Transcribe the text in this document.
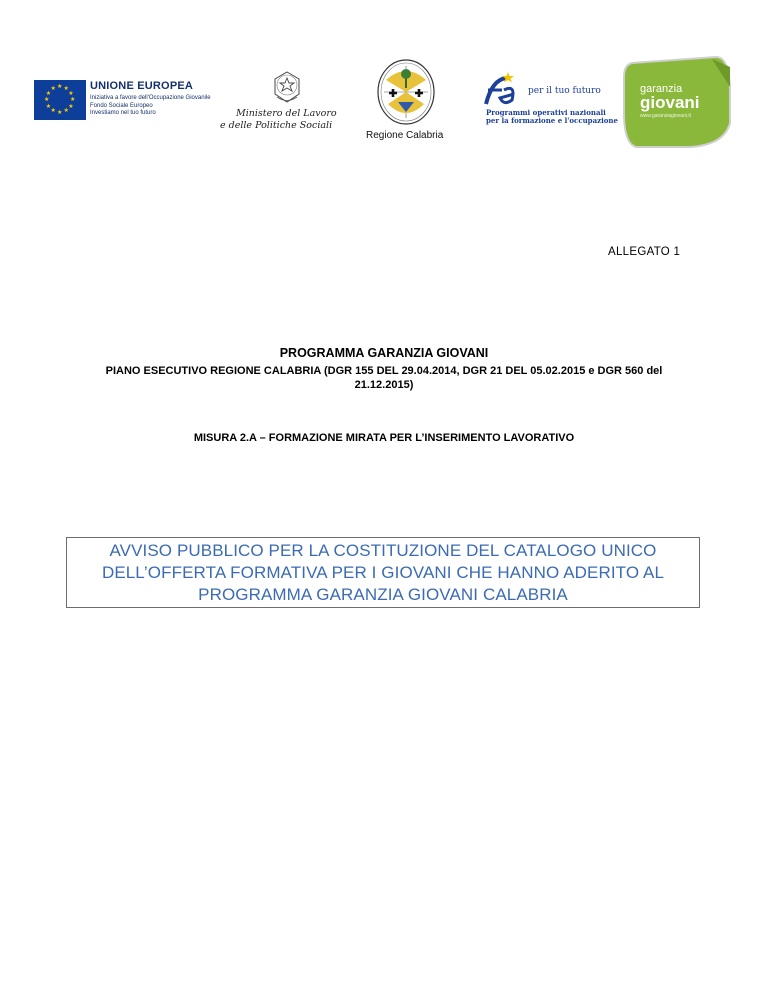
★ ★
★
★
★
★
★
★
★
★
★
★	UNIONE EUROPEA
Iniziativa a favore dell'Occupazione Giovanile
Fondo Sociale Europeo
Investiamo nel tuo futuro	Ministero del Lavoro
e delle Politiche Sociali
Regione Calabria
per il tuo futuro
Programmi operativi nazionali
per la formazione e l'occupazione
garanzia
giovani
www.garanziagiovani.it
ALLEGATO 1
PROGRAMMA GARANZIA GIOVANI
PIANO ESECUTIVO REGIONE CALABRIA (DGR 155 DEL 29.04.2014, DGR 21 DEL 05.02.2015 e DGR 560 del
21.12.2015)
MISURA 2.A – FORMAZIONE MIRATA PER L’INSERIMENTO LAVORATIVO
AVVISO PUBBLICO PER LA COSTITUZIONE DEL CATALOGO UNICO
DELL’OFFERTA FORMATIVA PER I GIOVANI CHE HANNO ADERITO AL
PROGRAMMA GARANZIA GIOVANI CALABRIA
